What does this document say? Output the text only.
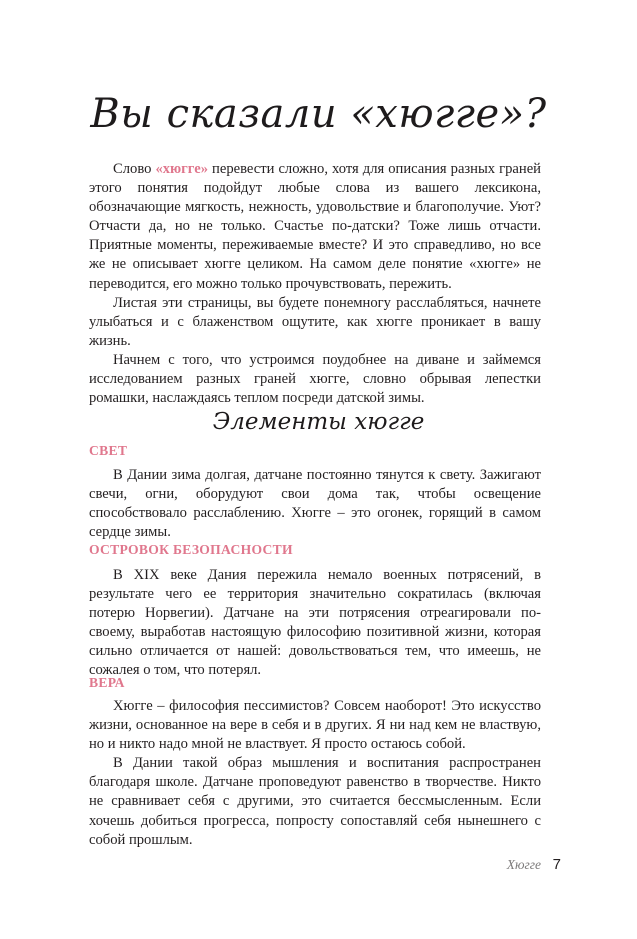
Вы сказали «хюгге»?

Слово «хюгге» перевести сложно, хотя для описания разных граней этого понятия подойдут любые слова из вашего лексикона, обозначающие мягкость, нежность, удовольствие и благополучие. Уют? Отчасти да, но не только. Счастье по-датски? Тоже лишь отчасти. Приятные моменты, переживаемые вместе? И это справедливо, но все же не описывает хюгге целиком. На самом деле понятие «хюгге» не переводится, его можно только прочувствовать, пережить.

Листая эти страницы, вы будете понемногу расслабляться, начнете улыбаться и с блаженством ощутите, как хюгге проникает в вашу жизнь.

Начнем с того, что устроимся поудобнее на диване и займемся исследованием разных граней хюгге, словно обрывая лепестки ромашки, наслаждаясь теплом посреди датской зимы.

Элементы хюгге
СВЕТ

В Дании зима долгая, датчане постоянно тянутся к свету. Зажигают свечи, огни, оборудуют свои дома так, чтобы освещение способствовало расслаблению. Хюгге – это огонек, горящий в самом сердце зимы.

ОСТРОВОК БЕЗОПАСНОСТИ

В XIX веке Дания пережила немало военных потрясений, в результате чего ее территория значительно сократилась (включая потерю Норвегии). Датчане на эти потрясения отреагировали по-своему, выработав настоящую философию позитивной жизни, которая сильно отличается от нашей: довольствоваться тем, что имеешь, не сожалея о том, что потерял.

ВЕРА

Хюгге – философия пессимистов? Совсем наоборот! Это искусство жизни, основанное на вере в себя и в других. Я ни над кем не властвую, но и никто надо мной не властвует. Я просто остаюсь собой.

В Дании такой образ мышления и воспитания распространен благодаря школе. Датчане проповедуют равенство в творчестве. Никто не сравнивает себя с другими, это считается бессмысленным. Если хочешь добиться прогресса, попросту сопоставляй себя нынешнего с собой прошлым.

Хюгге 7
